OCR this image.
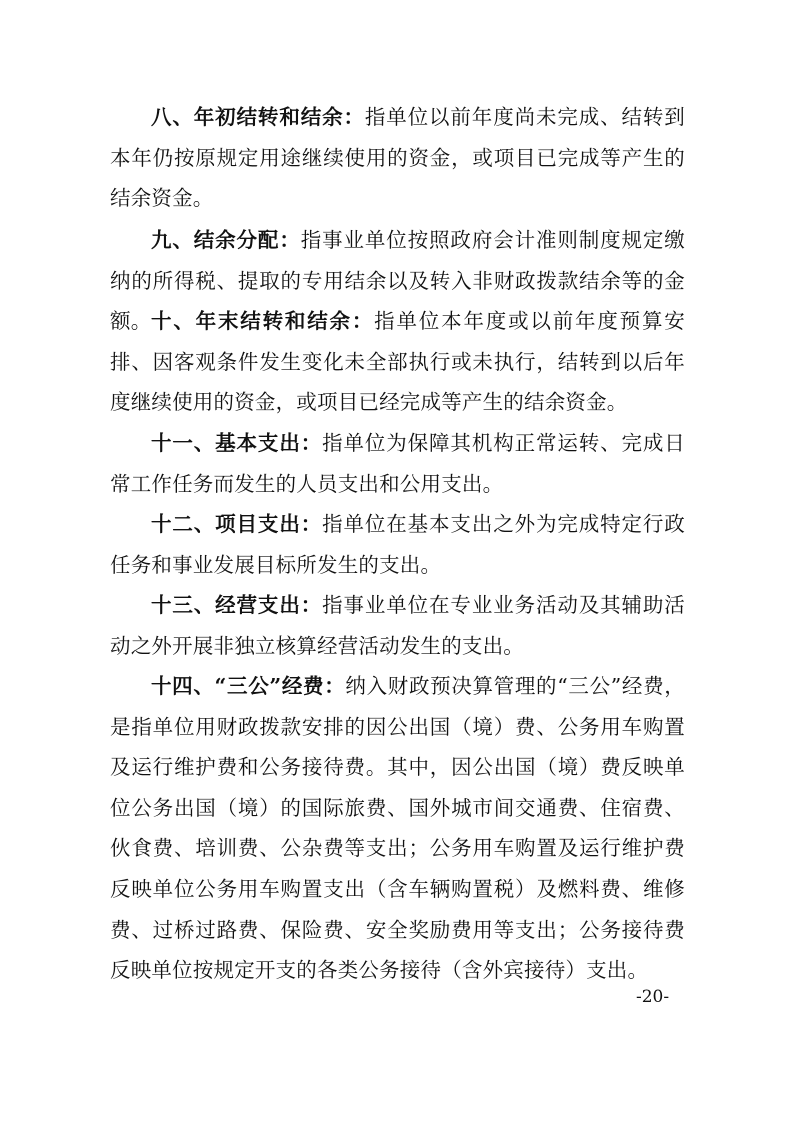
八、年初结转和结余：指单位以前年度尚未完成、结转到本年仍按原规定用途继续使用的资金，或项目已完成等产生的结余资金。

九、结余分配：指事业单位按照政府会计准则制度规定缴纳的所得税、提取的专用结余以及转入非财政拨款结余等的金额。 十、年末结转和结余：指单位本年度或以前年度预算安排、因客观条件发生变化未全部执行或未执行，结转到以后年度继续使用的资金，或项目已经完成等产生的结余资金。

十一、基本支出：指单位为保障其机构正常运转、完成日常工作任务而发生的人员支出和公用支出。

十二、项目支出：指单位在基本支出之外为完成特定行政任务和事业发展目标所发生的支出。

十三、经营支出：指事业单位在专业业务活动及其辅助活动之外开展非独立核算经营活动发生的支出。

十四、“三公”经费：纳入财政预决算管理的“三公”经费，是指单位用财政拨款安排的因公出国（境）费、公务用车购置及运行维护费和公务接待费。其中，因公出国（境）费反映单位公务出国（境）的国际旅费、国外城市间交通费、住宿费、伙食费、培训费、公杂费等支出；公务用车购置及运行维护费反映单位公务用车购置支出（含车辆购置税）及燃料费、维修费、过桥过路费、保险费、安全奖励费用等支出；公务接待费反映单位按规定开支的各类公务接待（含外宾接待）支出。

-20-
